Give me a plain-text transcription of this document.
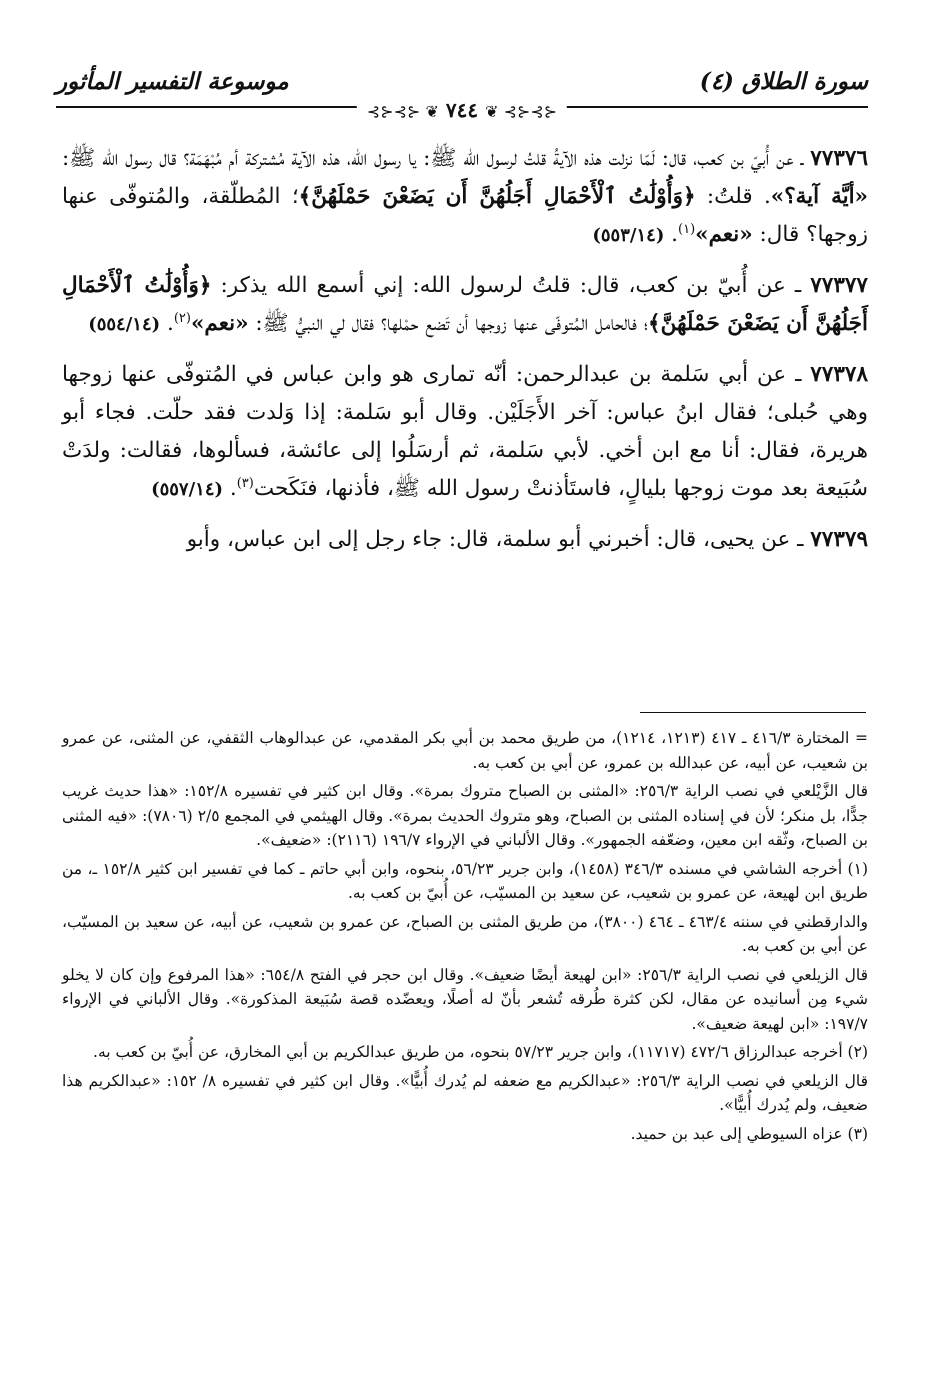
سورة الطلاق (٤)
موسوعة التفسير المأثور
⊰⊱⊰⊱ ❦ ٧٤٤ ❦ ⊰⊱⊰⊱

٧٧٣٧٦ ـ عن أُبيّ بن كعب، قال: لَمّا نزلت هذه الآيةُ قلتُ لرسول الله ﷺ: يا رسول الله، هذه الآية مُشتركة أم مُبْهَمَة؟ قال رسول الله ﷺ: «أيَّة آية؟». قلتُ: ﴿وَأُوْلَٰتُ ٱلْأَحْمَالِ أَجَلُهُنَّ أَن يَضَعْنَ حَمْلَهُنَّ﴾؛ المُطلّقة، والمُتوفّى عنها زوجها؟ قال: «نعم»$^{(١)}$. (٥٥٣/١٤)

٧٧٣٧٧ ـ عن أُبيّ بن كعب، قال: قلتُ لرسول الله: إني أسمع الله يذكر: ﴿وَأُوْلَٰتُ ٱلْأَحْمَالِ أَجَلُهُنَّ أَن يَضَعْنَ حَمْلَهُنَّ﴾؛ فالحامل المُتوفّى عنها زوجها أن تَضع حمْلها؟ فقال لي النبيُّ ﷺ: «نعم»$^{(٢)}$. (٥٥٤/١٤)

٧٧٣٧٨ ـ عن أبي سَلمة بن عبدالرحمن: أنّه تمارى هو وابن عباس في المُتوفّى عنها زوجها وهي حُبلى؛ فقال ابنُ عباس: آخر الأَجَلَيْن. وقال أبو سَلمة: إذا وَلدت فقد حلّت. فجاء أبو هريرة، فقال: أنا مع ابن أخي. لأبي سَلمة، ثم أرسَلُوا إلى عائشة، فسألوها، فقالت: ولدَتْ سُبَيعة بعد موت زوجها بليالٍ، فاستَأذنتْ رسول الله ﷺ، فأذنها، فنَكَحت$^{(٣)}$. (٥٥٧/١٤)

٧٧٣٧٩ ـ عن يحيى، قال: أخبرني أبو سلمة، قال: جاء رجل إلى ابن عباس، وأبو

= المختارة ٤١٦/٣ ـ ٤١٧ (١٢١٣، ١٢١٤)، من طريق محمد بن أبي بكر المقدمي، عن عبدالوهاب الثقفي، عن المثنى، عن عمرو بن شعيب، عن أبيه، عن عبدالله بن عمرو، عن أبي بن كعب به.

قال الزَّيْلعي في نصب الراية ٢٥٦/٣: «المثنى بن الصباح متروك بمرة». وقال ابن كثير في تفسيره ١٥٢/٨: «هذا حديث غريب جدًّا، بل منكر؛ لأن في إسناده المثنى بن الصباح، وهو متروك الحديث بمرة». وقال الهيثمي في المجمع ٢/٥ (٧٨٠٦): «فيه المثنى بن الصباح، وثّقه ابن معين، وضعّفه الجمهور». وقال الألباني في الإرواء ١٩٦/٧ (٢١١٦): «ضعيف».

(١) أخرجه الشاشي في مسنده ٣٤٦/٣ (١٤٥٨)، وابن جرير ٥٦/٢٣، بنحوه، وابن أبي حاتم ـ كما في تفسير ابن كثير ١٥٢/٨ ـ، من طريق ابن لهيعة، عن عمرو بن شعيب، عن سعيد بن المسيّب، عن أُبيّ بن كعب به.

والدارقطني في سننه ٤٦٣/٤ ـ ٤٦٤ (٣٨٠٠)، من طريق المثنى بن الصباح، عن عمرو بن شعيب، عن أبيه، عن سعيد بن المسيّب، عن أبي بن كعب به.

قال الزيلعي في نصب الراية ٢٥٦/٣: «ابن لهيعة أيضًا ضعيف». وقال ابن حجر في الفتح ٦٥٤/٨: «هذا المرفوع وإن كان لا يخلو شيء مِن أسانيده عن مقال، لكن كثرة طُرقه تُشعر بأنّ له أصلًا، ويعضّده قصة سُبَيعة المذكورة». وقال الألباني في الإرواء ١٩٧/٧: «ابن لهيعة ضعيف».

(٢) أخرجه عبدالرزاق ٤٧٢/٦ (١١٧١٧)، وابن جرير ٥٧/٢٣ بنحوه، من طريق عبدالكريم بن أبي المخارق، عن أُبيّ بن كعب به.

قال الزيلعي في نصب الراية ٢٥٦/٣: «عبدالكريم مع ضعفه لم يُدرك أُبيًّا». وقال ابن كثير في تفسيره ٨/ ١٥٢: «عبدالكريم هذا ضعيف، ولم يُدرك أُبيًّا».

(٣) عزاه السيوطي إلى عبد بن حميد.
